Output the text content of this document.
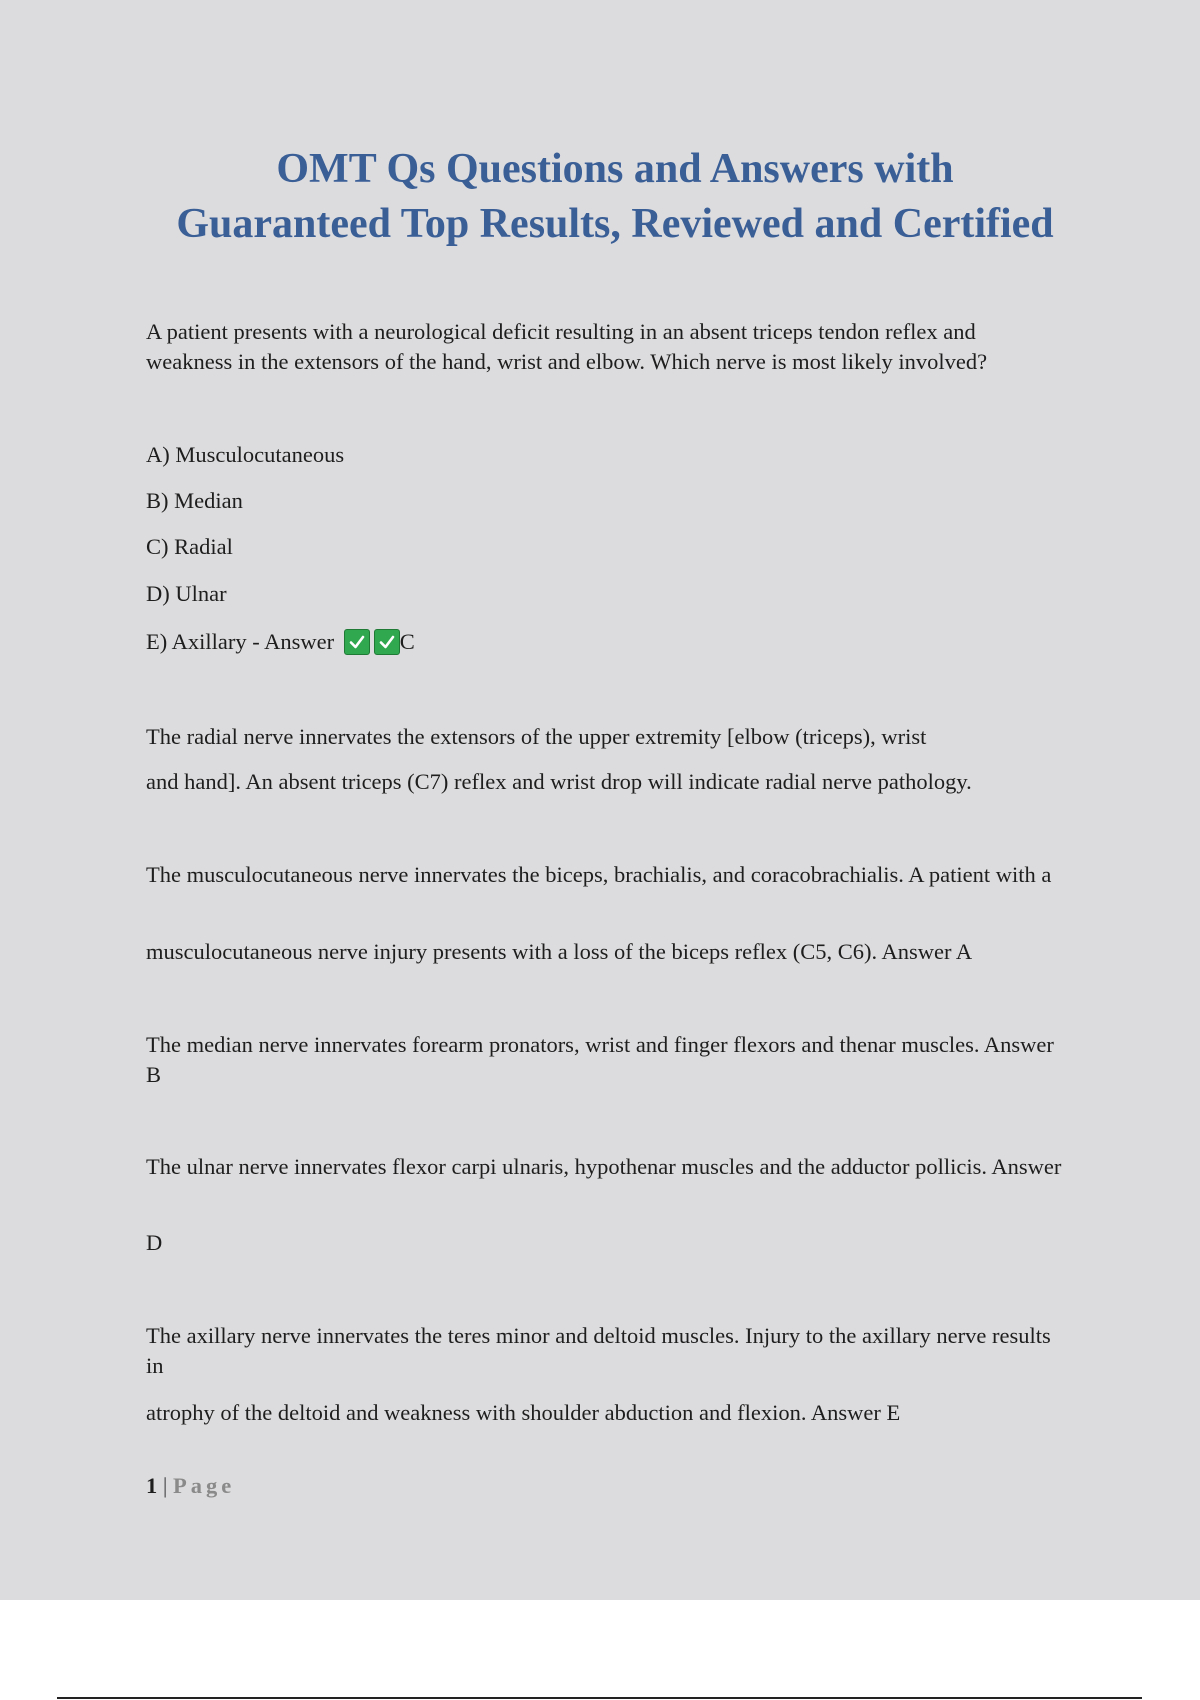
OMT Qs Questions and Answers with
Guaranteed Top Results, Reviewed and Certified

A patient presents with a neurological deficit resulting in an absent triceps tendon reflex and weakness in the extensors of the hand, wrist and elbow. Which nerve is most likely involved?

A) Musculocutaneous

B) Median

C) Radial

D) Ulnar

E) Axillary - Answer	C

The radial nerve innervates the extensors of the upper extremity [elbow (triceps), wrist

and hand]. An absent triceps (C7) reflex and wrist drop will indicate radial nerve pathology.

The musculocutaneous nerve innervates the biceps, brachialis, and coracobrachialis. A patient with a

musculocutaneous nerve injury presents with a loss of the biceps reflex (C5, C6). Answer A

The median nerve innervates forearm pronators, wrist and finger flexors and thenar muscles. Answer B

The ulnar nerve innervates flexor carpi ulnaris, hypothenar muscles and the adductor pollicis. Answer

D

The axillary nerve innervates the teres minor and deltoid muscles. Injury to the axillary nerve results in

atrophy of the deltoid and weakness with shoulder abduction and flexion. Answer E

1 | Page
